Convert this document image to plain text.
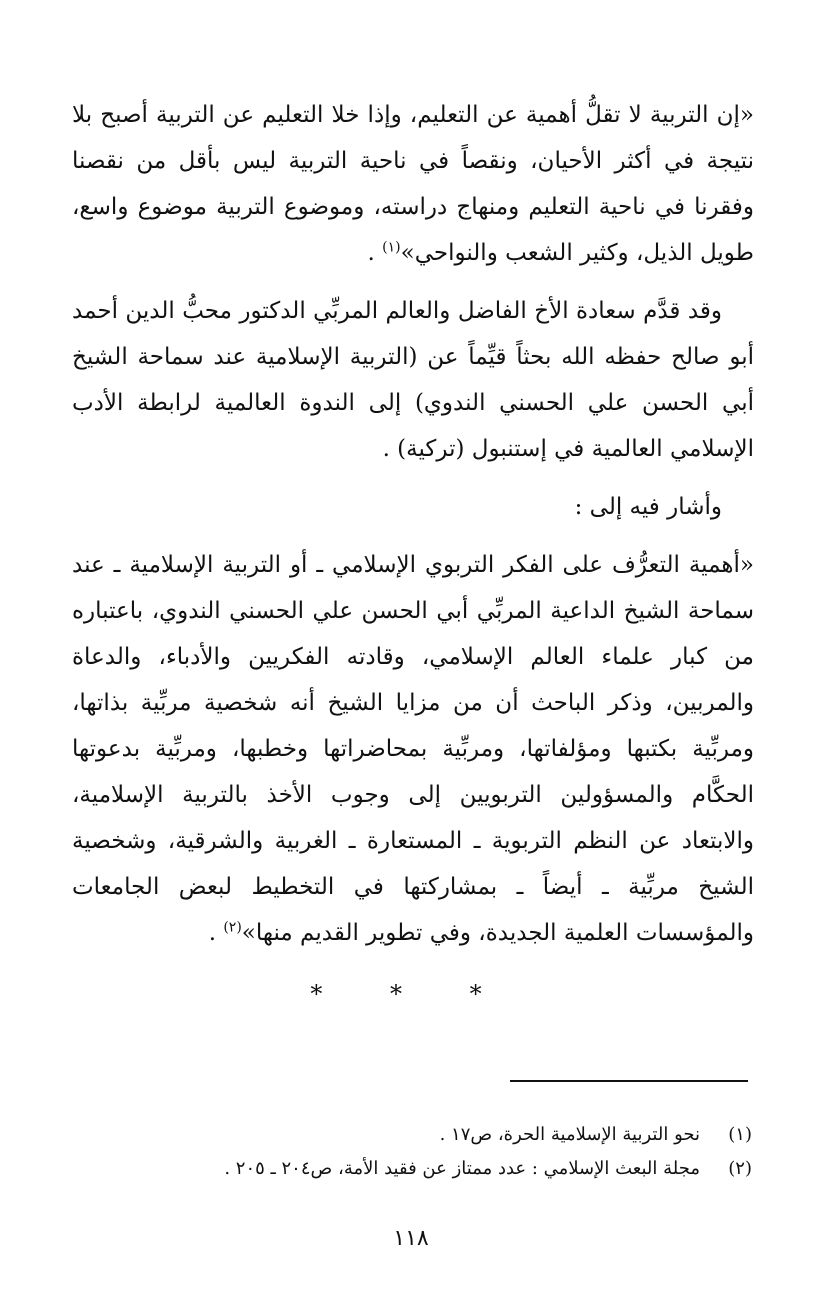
«إن التربية لا تقلُّ أهمية عن التعليم، وإذا خلا التعليم عن التربية أصبح بلا نتيجة في أكثر الأحيان، ونقصاً في ناحية التربية ليس بأقل من نقصنا وفقرنا في ناحية التعليم ومنهاج دراسته، وموضوع التربية موضوع واسع، طويل الذيل، وكثير الشعب والنواحي»$^{(١)}$ .

وقد قدَّم سعادة الأخ الفاضل والعالم المربِّي الدكتور محبُّ الدين أحمد أبو صالح حفظه الله بحثاً قيِّماً عن (التربية الإسلامية عند سماحة الشيخ أبي الحسن علي الحسني الندوي) إلى الندوة العالمية لرابطة الأدب الإسلامي العالمية في إستنبول (تركية) .

وأشار فيه إلى :

«أهمية التعرُّف على الفكر التربوي الإسلامي ـ أو التربية الإسلامية ـ عند سماحة الشيخ الداعية المربِّي أبي الحسن علي الحسني الندوي، باعتباره من كبار علماء العالم الإسلامي، وقادته الفكريين والأدباء، والدعاة والمربين، وذكر الباحث أن من مزايا الشيخ أنه شخصية مربِّية بذاتها، ومربِّية بكتبها ومؤلفاتها، ومربِّية بمحاضراتها وخطبها، ومربِّية بدعوتها الحكَّام والمسؤولين التربويين إلى وجوب الأخذ بالتربية الإسلامية، والابتعاد عن النظم التربوية ـ المستعارة ـ الغربية والشرقية، وشخصية الشيخ مربِّية ـ أيضاً ـ بمشاركتها في التخطيط لبعض الجامعات والمؤسسات العلمية الجديدة، وفي تطوير القديم منها»$^{(٢)}$ .

* * *
(١)نحو التربية الإسلامية الحرة، ص١٧ .
(٢)مجلة البعث الإسلامي : عدد ممتاز عن فقيد الأمة، ص٢٠٤ ـ ٢٠٥ .
١١٨
